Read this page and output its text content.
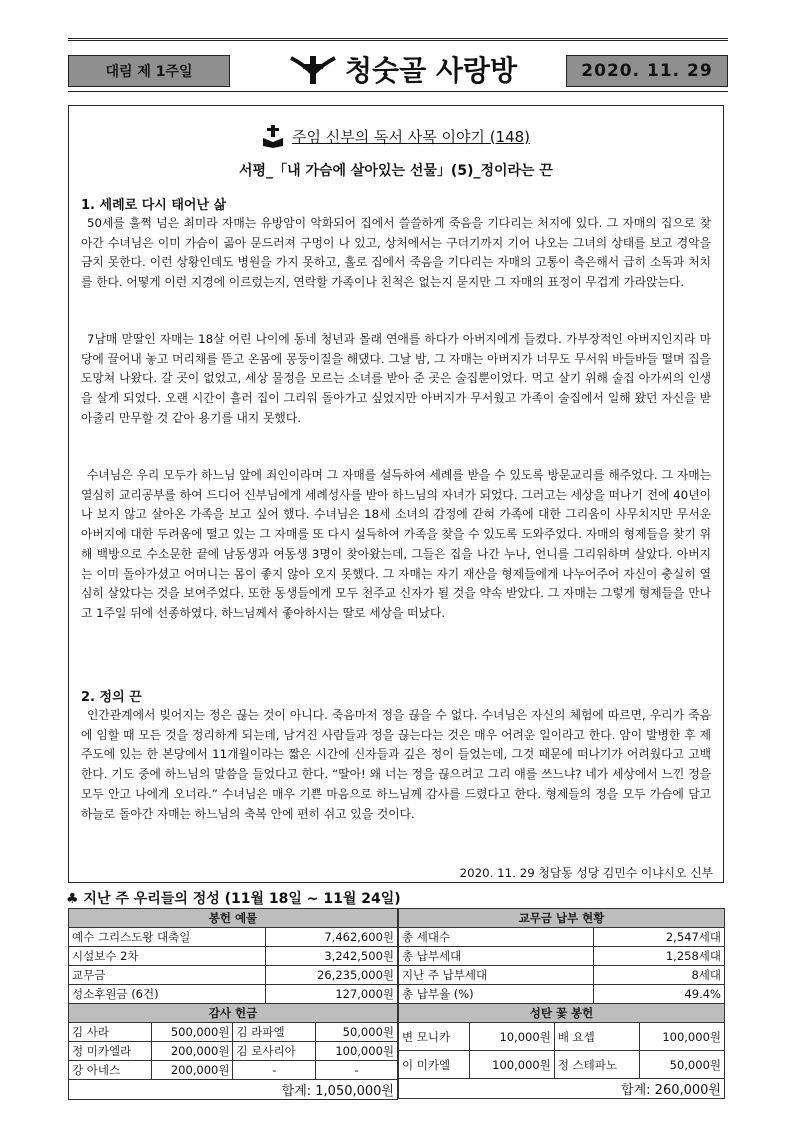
대림 제 1주일	청숫골 사랑방	2020. 11. 29
주임 신부의 독서 사목 이야기 (148)
서평_「내 가슴에 살아있는 선물」(5)_정이라는 끈
1. 세례로 다시 태어난 삶

50세를 훌쩍 넘은 최미라 자매는 유방암이 악화되어 집에서 쓸쓸하게 죽음을 기다리는 처지에 있다. 그 자매의 집으로 찾아간 수녀님은 이미 가슴이 곪아 문드러져 구멍이 나 있고, 상처에서는 구더기까지 기어 나오는 그녀의 상태를 보고 경악을 금치 못한다. 이런 상황인데도 병원을 가지 못하고, 홀로 집에서 죽음을 기다리는 자매의 고통이 측은해서 급히 소독과 처치를 한다. 어떻게 이런 지경에 이르렀는지, 연락할 가족이나 친척은 없는지 묻지만 그 자매의 표정이 무겁게 가라앉는다.

7남매 맏딸인 자매는 18살 어린 나이에 동네 청년과 몰래 연애를 하다가 아버지에게 들켰다. 가부장적인 아버지인지라 마당에 끌어내 놓고 머리채를 뜯고 온몸에 몽둥이질을 해댔다. 그날 밤, 그 자매는 아버지가 너무도 무서워 바들바들 떨며 집을 도망쳐 나왔다. 갈 곳이 없었고, 세상 물정을 모르는 소녀를 받아 준 곳은 술집뿐이었다. 먹고 살기 위해 술집 아가씨의 인생을 살게 되었다. 오랜 시간이 흘러 집이 그리워 돌아가고 싶었지만 아버지가 무서웠고 가족이 술집에서 일해 왔던 자신을 받아줄리 만무할 것 같아 용기를 내지 못했다.

수녀님은 우리 모두가 하느님 앞에 죄인이라며 그 자매를 설득하여 세례를 받을 수 있도록 방문교리를 해주었다. 그 자매는 열심히 교리공부를 하여 드디어 신부님에게 세례성사를 받아 하느님의 자녀가 되었다. 그러고는 세상을 떠나기 전에 40년이나 보지 않고 살아온 가족을 보고 싶어 했다. 수녀님은 18세 소녀의 감정에 갇혀 가족에 대한 그리움이 사무치지만 무서운 아버지에 대한 두려움에 떨고 있는 그 자매를 또 다시 설득하여 가족을 찾을 수 있도록 도와주었다. 자매의 형제들을 찾기 위해 백방으로 수소문한 끝에 남동생과 여동생 3명이 찾아왔는데, 그들은 집을 나간 누나, 언니를 그리워하며 살았다. 아버지는 이미 돌아가셨고 어머니는 몸이 좋지 않아 오지 못했다. 그 자매는 자기 재산을 형제들에게 나누어주어 자신이 충실히 열심히 살았다는 것을 보여주었다. 또한 동생들에게 모두 천주교 신자가 될 것을 약속 받았다. 그 자매는 그렇게 형제들을 만나고 1주일 뒤에 선종하였다. 하느님께서 좋아하시는 딸로 세상을 떠났다.

2. 정의 끈

인간관계에서 빚어지는 정은 끊는 것이 아니다. 죽음마저 정을 끊을 수 없다. 수녀님은 자신의 체험에 따르면, 우리가 죽음에 임할 때 모든 것을 정리하게 되는데, 남겨진 사람들과 정을 끊는다는 것은 매우 어려운 일이라고 한다. 암이 발병한 후 제주도에 있는 한 본당에서 11개월이라는 짧은 시간에 신자들과 깊은 정이 들었는데, 그것 때문에 떠나기가 어려웠다고 고백한다. 기도 중에 하느님의 말씀을 들었다고 한다. “딸아! 왜 너는 정을 끊으려고 그리 애를 쓰느냐? 네가 세상에서 느낀 정을 모두 안고 나에게 오너라.” 수녀님은 매우 기쁜 마음으로 하느님께 감사를 드렸다고 한다. 형제들의 정을 모두 가슴에 담고 하늘로 돌아간 자매는 하느님의 축복 안에 편히 쉬고 있을 것이다.

2020. 11. 29 청담동 성당 김민수 이냐시오 신부
♣ 지난 주 우리들의 정성 (11월 18일 ~ 11월 24일)
봉헌 예물	
예수 그리스도왕 대축일	7,462,600원
시설보수 2차	3,242,500원
교무금	26,235,000원
성소후원금 (6건)	127,000원
교무금 납부 현황	
총 세대수	2,547세대
총 납부세대	1,258세대
지난 주 납부세대	8세대
총 납부율 (%)	49.4%
감사 헌금			
김 사라	500,000원	김 라파엘	50,000원
정 미카엘라	200,000원	김 로사리아	100,000원
강 아네스	200,000원	-	-
합계: 1,050,000원			
성탄 꽃 봉헌			
변 모니카	10,000원	배 요셉	100,000원
이 미카엘	100,000원	정 스테파노	50,000원
합계: 260,000원			
